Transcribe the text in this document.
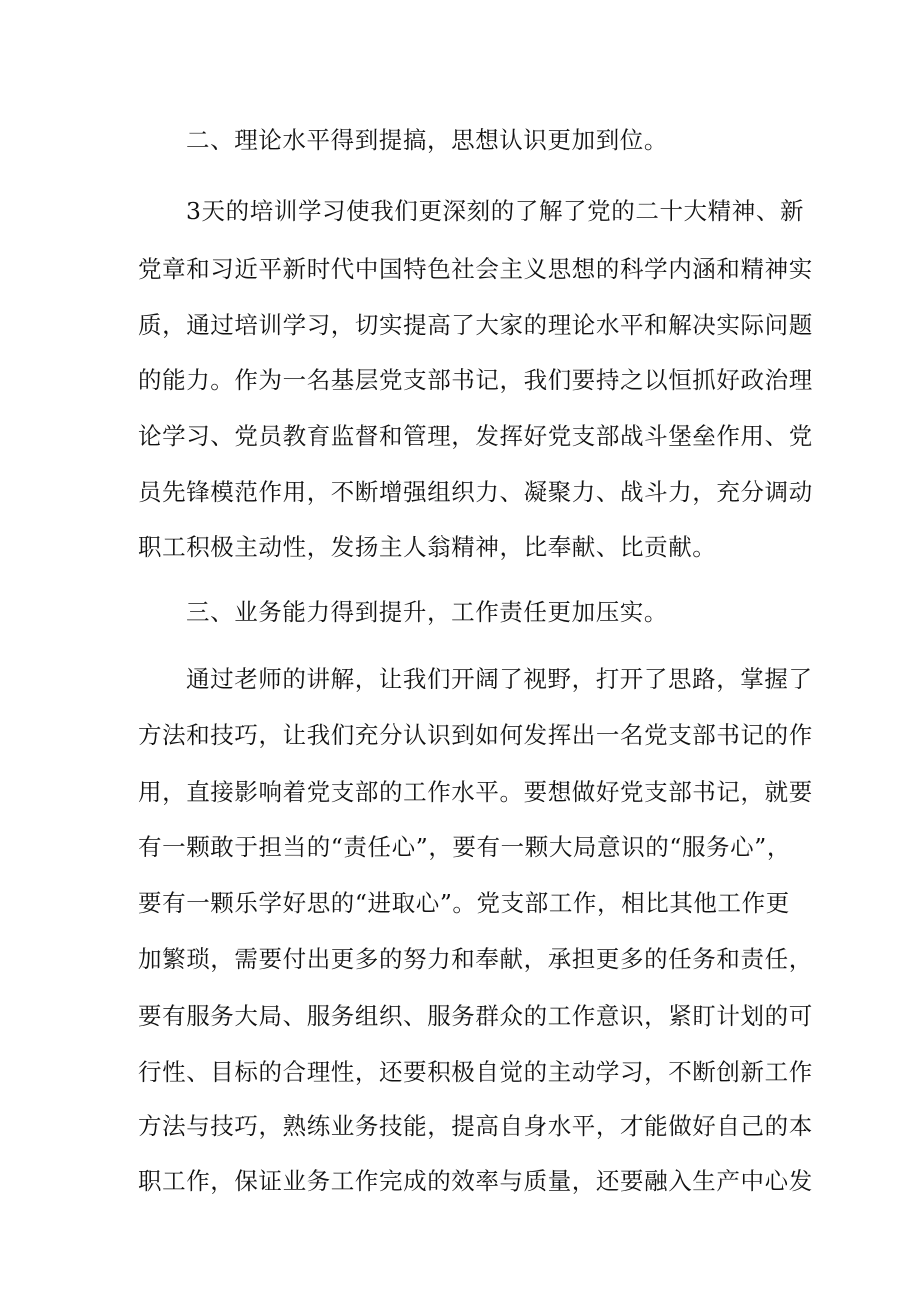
二、理论水平得到提搞，思想认识更加到位。
3天的培训学习使我们更深刻的了解了党的二十大精神、新
党章和习近平新时代中国特色社会主义思想的科学内涵和精神实
质，通过培训学习，切实提高了大家的理论水平和解决实际问题
的能力。作为一名基层党支部书记，我们要持之以恒抓好政治理
论学习、党员教育监督和管理，发挥好党支部战斗堡垒作用、党
员先锋模范作用，不断增强组织力、凝聚力、战斗力，充分调动
职工积极主动性，发扬主人翁精神，比奉献、比贡献。
三、业务能力得到提升，工作责任更加压实。
通过老师的讲解，让我们开阔了视野，打开了思路，掌握了
方法和技巧，让我们充分认识到如何发挥出一名党支部书记的作
用，直接影响着党支部的工作水平。要想做好党支部书记，就要
有一颗敢于担当的“责任心”，要有一颗大局意识的“服务心”，
要有一颗乐学好思的“进取心”。党支部工作，相比其他工作更
加繁琐，需要付出更多的努力和奉献，承担更多的任务和责任，
要有服务大局、服务组织、服务群众的工作意识，紧盯计划的可
行性、目标的合理性，还要积极自觉的主动学习，不断创新工作
方法与技巧，熟练业务技能，提高自身水平，才能做好自己的本
职工作，保证业务工作完成的效率与质量，还要融入生产中心发
